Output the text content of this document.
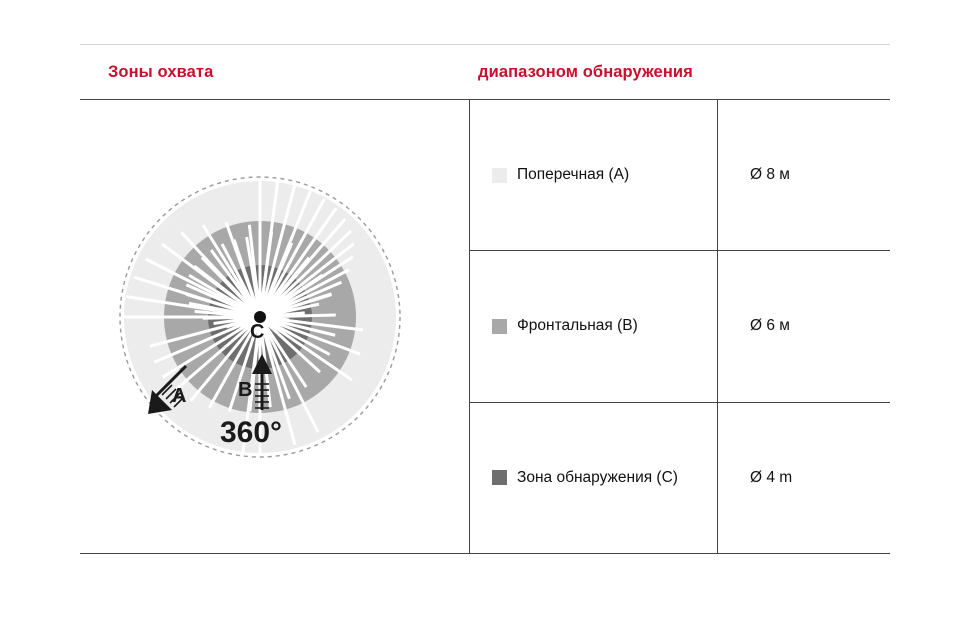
Зоны охвата	диапазоном обнаружения
C
B
A
360°
Поперечная (A)	Ø 8 м
Фронтальная (B)	Ø 6 м
Зона обнаружения (C)	Ø 4 m
